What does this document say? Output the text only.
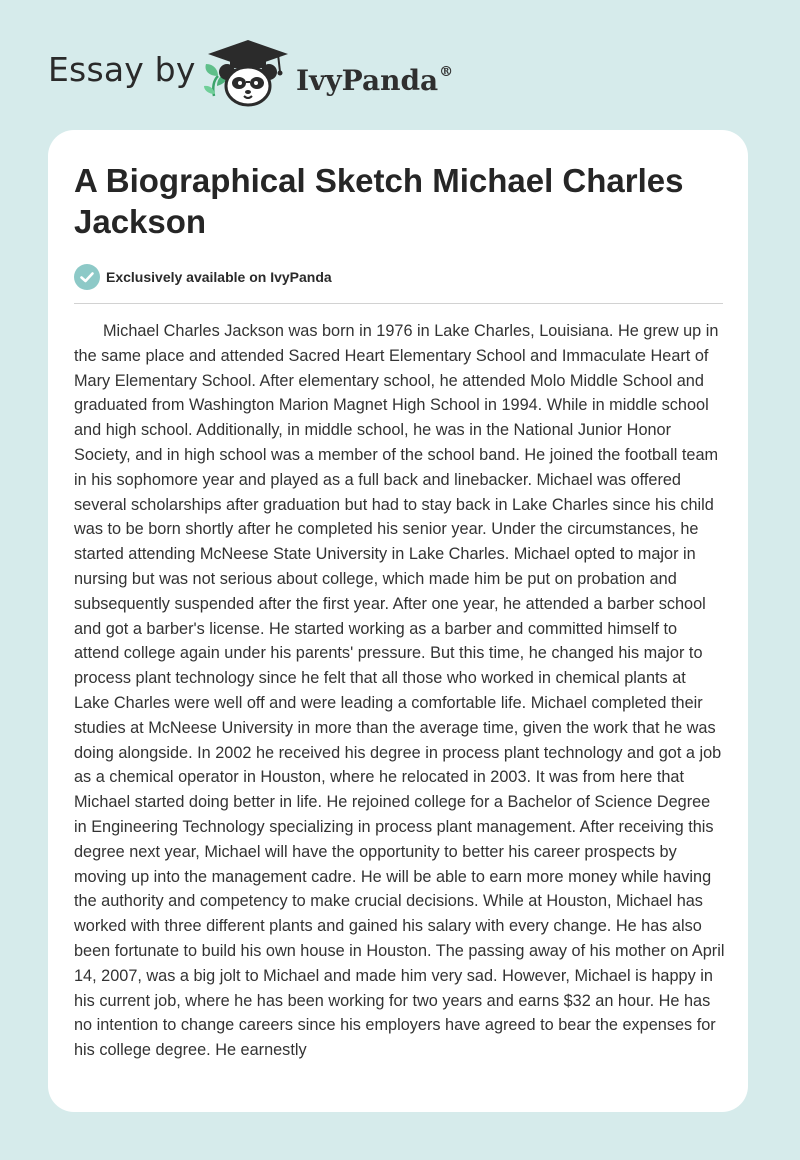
Essay by	IvyPanda®
A Biographical Sketch Michael Charles Jackson
Exclusively available on IvyPanda

Michael Charles Jackson was born in 1976 in Lake Charles, Louisiana. He grew up in the same place and attended Sacred Heart Elementary School and Immaculate Heart of Mary Elementary School. After elementary school, he attended Molo Middle School and graduated from Washington Marion Magnet High School in 1994. While in middle school and high school. Additionally, in middle school, he was in the National Junior Honor Society, and in high school was a member of the school band. He joined the football team in his sophomore year and played as a full back and linebacker. Michael was offered several scholarships after graduation but had to stay back in Lake Charles since his child was to be born shortly after he completed his senior year. Under the circumstances, he started attending McNeese State University in Lake Charles. Michael opted to major in nursing but was not serious about college, which made him be put on probation and subsequently suspended after the first year. After one year, he attended a barber school and got a barber's license. He started working as a barber and committed himself to attend college again under his parents' pressure. But this time, he changed his major to process plant technology since he felt that all those who worked in chemical plants at Lake Charles were well off and were leading a comfortable life. Michael completed their studies at McNeese University in more than the average time, given the work that he was doing alongside. In 2002 he received his degree in process plant technology and got a job as a chemical operator in Houston, where he relocated in 2003. It was from here that Michael started doing better in life. He rejoined college for a Bachelor of Science Degree in Engineering Technology specializing in process plant management. After receiving this degree next year, Michael will have the opportunity to better his career prospects by moving up into the management cadre. He will be able to earn more money while having the authority and competency to make crucial decisions. While at Houston, Michael has worked with three different plants and gained his salary with every change. He has also been fortunate to build his own house in Houston. The passing away of his mother on April 14, 2007, was a big jolt to Michael and made him very sad. However, Michael is happy in his current job, where he has been working for two years and earns $32 an hour. He has no intention to change careers since his employers have agreed to bear the expenses for his college degree. He earnestly
